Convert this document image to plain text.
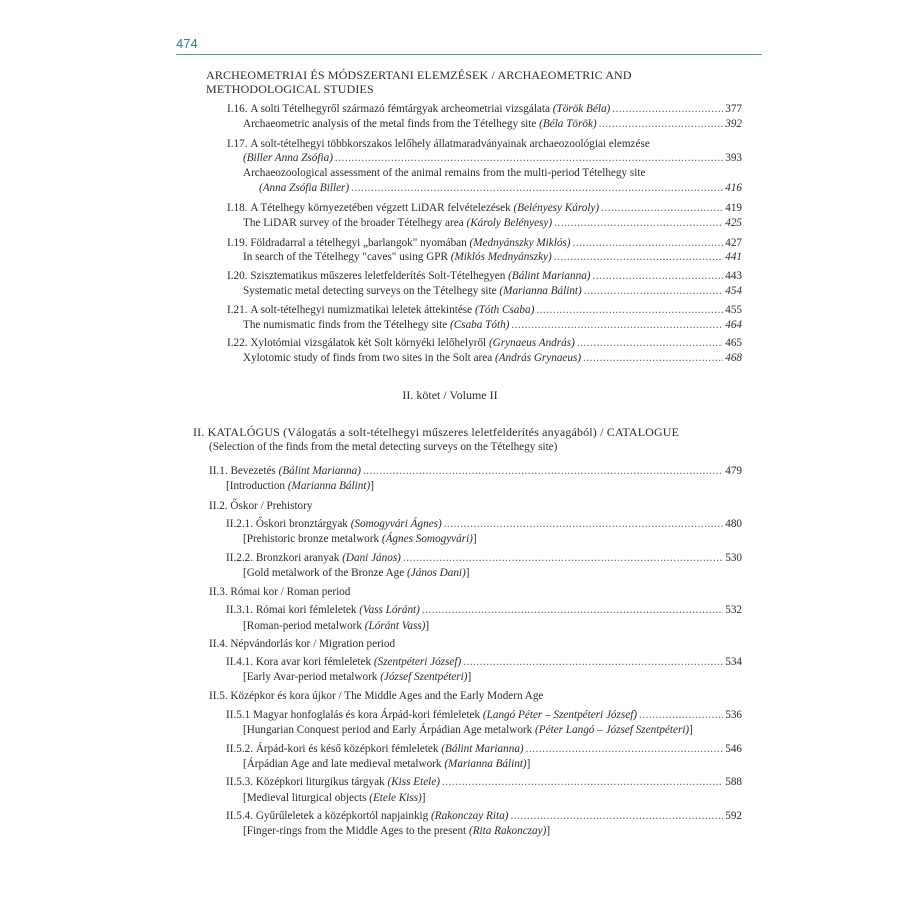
474
ARCHEOMETRIAI ÉS MÓDSZERTANI ELEMZÉSEK / ARCHAEOMETRIC AND
METHODOLOGICAL STUDIES
I.16.
A solti Tételhegyről származó fémtárgyak archeometriai vizsgálata
(Török Béla) .....	377
Archaeometric analysis of the metal finds from the Tételhegy site
(Béla Török) .....	392
I.17. A solt-tételhegyi többkorszakos lelőhely állatmaradványainak archaeozoológiai elemzése
(Biller Anna Zsófia) .....	393
Archaeozoological assessment of the animal remains from the multi-period Tételhegy site
(Anna Zsófia Biller) .....	416
I.18.
A Tételhegy környezetében végzett LiDAR felvételezések
(Belényesy Károly) .....	419
The LiDAR survey of the broader Tételhegy area
(Károly Belényesy) .....	425
I.19.
Földradarral a tételhegyi „barlangok" nyomában
(Mednyánszky Miklós) .....	427
In search of the Tételhegy "caves" using GPR
(Miklós Mednyánszky) .....	441
I.20.
Szisztematikus műszeres leletfelderítés Solt-Tételhegyen
(Bálint Marianna) .....	443
Systematic metal detecting surveys on the Tételhegy site
(Marianna Bálint) .....	454
I.21.
A solt-tételhegyi numizmatikai leletek áttekintése
(Tóth Csaba) .....	455
The numismatic finds from the Tételhegy site
(Csaba Tóth) .....	464
I.22.
Xylotómiai vizsgálatok két Solt környéki lelőhelyről
(Grynaeus András) .....	465
Xylotomic study of finds from two sites in the Solt area
(András Grynaeus) .....	468
II. kötet / Volume II
II. KATALÓGUS (Válogatás a solt-tételhegyi műszeres leletfelderítés anyagából) / CATALOGUE
(Selection of the finds from the metal detecting surveys on the Tételhegy site)
II.1.
Bevezetés
(Bálint Marianna) .....	479
[Introduction (Marianna Bálint)]
II.2. Őskor / Prehistory
II.2.1.
Őskori bronztárgyak
(Somogyvári Ágnes) .....	480
[Prehistoric bronze metalwork (Ágnes Somogyvári)]
II.2.2.
Bronzkori aranyak
(Dani János) .....	530
[Gold metalwork of the Bronze Age (János Dani)]
II.3. Római kor / Roman period
II.3.1.
Római kori fémleletek
(Vass Lóránt) .....	532
[Roman-period metalwork (Lóránt Vass)]
II.4. Népvándorlás kor / Migration period
II.4.1.
Kora avar kori fémleletek
(Szentpéteri József) .....	534
[Early Avar-period metalwork (József Szentpéteri)]
II.5. Középkor és kora újkor / The Middle Ages and the Early Modern Age
II.5.1
Magyar honfoglalás és kora Árpád-kori fémleletek
(Langó Péter – Szentpéteri József) .....	536
[Hungarian Conquest period and Early Árpádian Age metalwork (Péter Langó – József Szentpéteri)]
II.5.2.
Árpád-kori és késő középkori fémleletek
(Bálint Marianna) .....	546
[Árpádian Age and late medieval metalwork (Marianna Bálint)]
II.5.3.
Középkori liturgikus tárgyak
(Kiss Etele) .....	588
[Medieval liturgical objects (Etele Kiss)]
II.5.4.
Gyűrűleletek a középkortól napjainkig
(Rakonczay Rita) .....	592
[Finger-rings from the Middle Ages to the present (Rita Rakonczay)]
